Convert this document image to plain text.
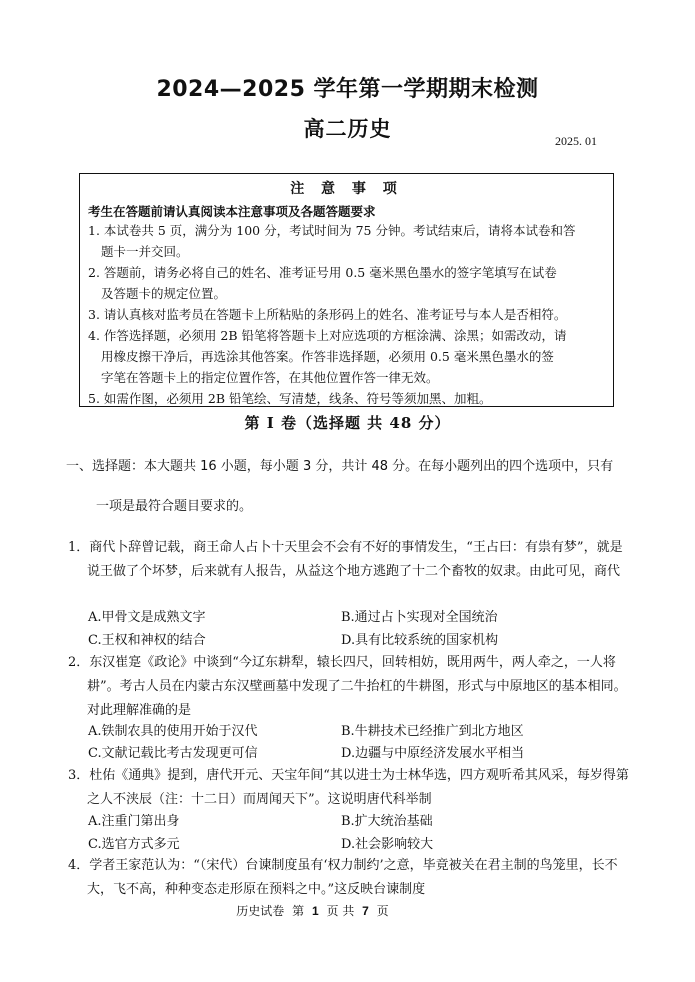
2024—2025 学年第一学期期末检测
高二历史	2025. 01
注 意 事 项
考生在答题前请认真阅读本注意事项及各题答题要求
1. 本试卷共 5 页，满分为 100 分，考试时间为 75 分钟。考试结束后，请将本试卷和答
题卡一并交回。
2. 答题前，请务必将自己的姓名、准考证号用 0.5 毫米黑色墨水的签字笔填写在试卷
及答题卡的规定位置。
3. 请认真核对监考员在答题卡上所粘贴的条形码上的姓名、准考证号与本人是否相符。
4. 作答选择题，必须用 2B 铅笔将答题卡上对应选项的方框涂满、涂黑；如需改动，请
用橡皮擦干净后，再选涂其他答案。作答非选择题，必须用 0.5 毫米黑色墨水的签
字笔在答题卡上的指定位置作答，在其他位置作答一律无效。
5. 如需作图，必须用 2B 铅笔绘、写清楚，线条、符号等须加黑、加粗。
第 I 卷（选择题 共 48 分）
一、选择题：本大题共 16 小题，每小题 3 分，共计 48 分。在每小题列出的四个选项中，只有
一项是最符合题目要求的。
1．商代卜辞曾记载，商王命人占卜十天里会不会有不好的事情发生，“王占曰：有祟有梦”，就是说王做了个坏梦，后来就有人报告，从益这个地方逃跑了十二个畜牧的奴隶。由此可见，商代
A.甲骨文是成熟文字	B.通过占卜实现对全国统治
C.王权和神权的结合	D.具有比较系统的国家机构
2．东汉崔寔《政论》中谈到“今辽东耕犁，辕长四尺，回转相妨，既用两牛，两人牵之，一人将耕”。考古人员在内蒙古东汉壁画墓中发现了二牛抬杠的牛耕图，形式与中原地区的基本相同。对此理解准确的是
A.铁制农具的使用开始于汉代	B.牛耕技术已经推广到北方地区
C.文献记载比考古发现更可信	D.边疆与中原经济发展水平相当
3．杜佑《通典》提到，唐代开元、天宝年间“其以进士为士林华选，四方观听希其风采，每岁得第之人不浃辰（注：十二日）而周闻天下”。这说明唐代科举制
A.注重门第出身	B.扩大统治基础
C.选官方式多元	D.社会影响较大
4．学者王家范认为：“（宋代）台谏制度虽有‘权力制约’之意，毕竟被关在君主制的鸟笼里，长不大，飞不高，种种变态走形原在预料之中。”这反映台谏制度
历史试卷 第 1 页 共 7 页
